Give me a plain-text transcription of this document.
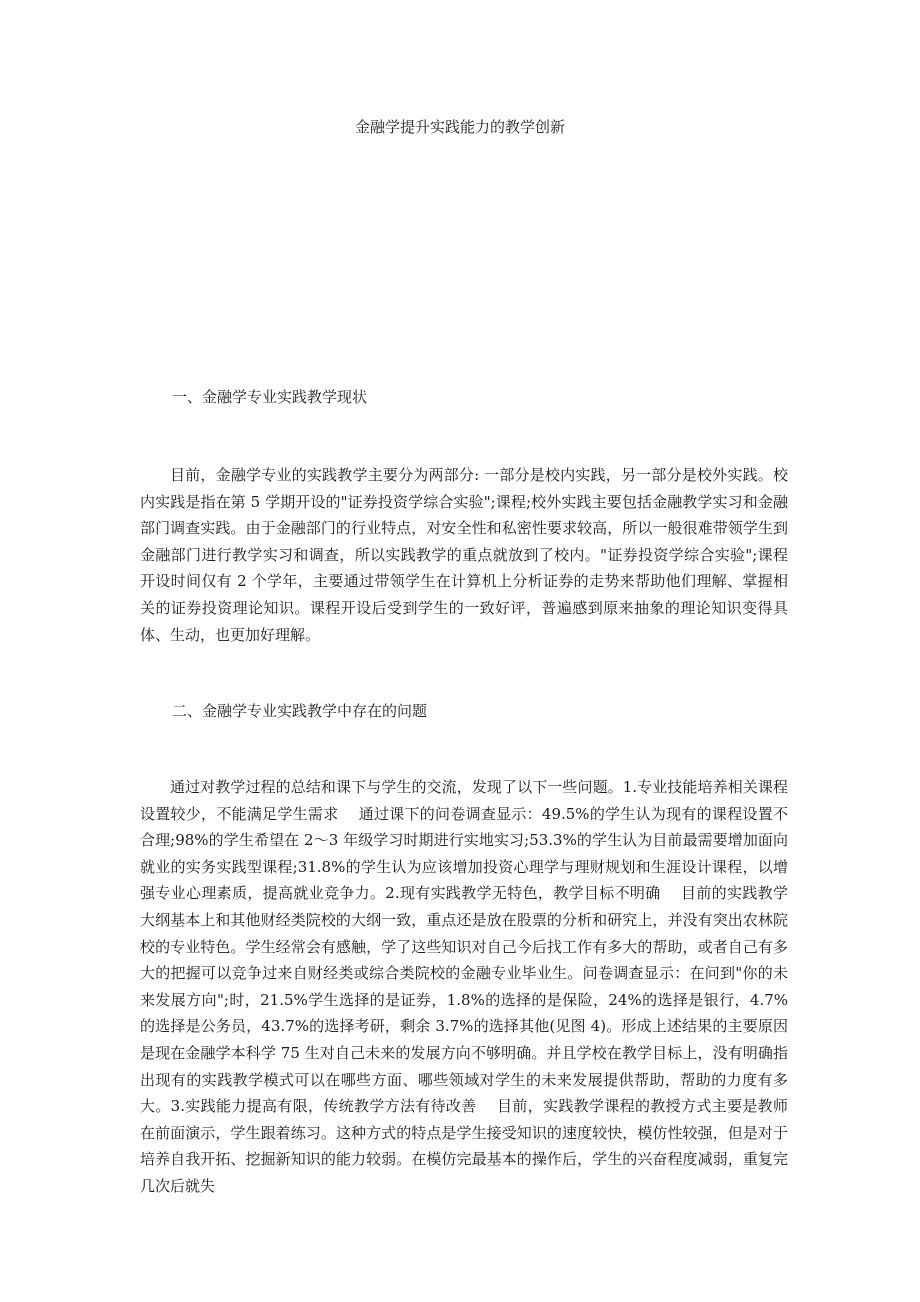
金融学提升实践能力的教学创新
一、金融学专业实践教学现状

目前，金融学专业的实践教学主要分为两部分: 一部分是校内实践，另一部分是校外实践。校内实践是指在第 5 学期开设的"证券投资学综合实验";课程;校外实践主要包括金融教学实习和金融部门调查实践。由于金融部门的行业特点，对安全性和私密性要求较高，所以一般很难带领学生到金融部门进行教学实习和调查，所以实践教学的重点就放到了校内。"证券投资学综合实验";课程开设时间仅有 2 个学年，主要通过带领学生在计算机上分析证券的走势来帮助他们理解、掌握相关的证券投资理论知识。课程开设后受到学生的一致好评，普遍感到原来抽象的理论知识变得具体、生动，也更加好理解。

二、金融学专业实践教学中存在的问题

通过对教学过程的总结和课下与学生的交流，发现了以下一些问题。1.专业技能培养相关课程设置较少，不能满足学生需求　 通过课下的问卷调查显示：49.5%的学生认为现有的课程设置不合理;98%的学生希望在 2～3 年级学习时期进行实地实习;53.3%的学生认为目前最需要增加面向就业的实务实践型课程;31.8%的学生认为应该增加投资心理学与理财规划和生涯设计课程，以增强专业心理素质，提高就业竞争力。2.现有实践教学无特色，教学目标不明确　 目前的实践教学大纲基本上和其他财经类院校的大纲一致，重点还是放在股票的分析和研究上，并没有突出农林院校的专业特色。学生经常会有感触，学了这些知识对自己今后找工作有多大的帮助，或者自己有多大的把握可以竞争过来自财经类或综合类院校的金融专业毕业生。问卷调查显示：在问到"你的未来发展方向";时，21.5%学生选择的是证券，1.8%的选择的是保险，24%的选择是银行，4.7%的选择是公务员，43.7%的选择考研，剩余 3.7%的选择其他(见图 4)。形成上述结果的主要原因是现在金融学本科学 75 生对自己未来的发展方向不够明确。并且学校在教学目标上，没有明确指出现有的实践教学模式可以在哪些方面、哪些领域对学生的未来发展提供帮助，帮助的力度有多大。3.实践能力提高有限，传统教学方法有待改善　 目前，实践教学课程的教授方式主要是教师在前面演示，学生跟着练习。这种方式的特点是学生接受知识的速度较快，模仿性较强，但是对于培养自我开拓、挖掘新知识的能力较弱。在模仿完最基本的操作后，学生的兴奋程度减弱，重复完几次后就失
